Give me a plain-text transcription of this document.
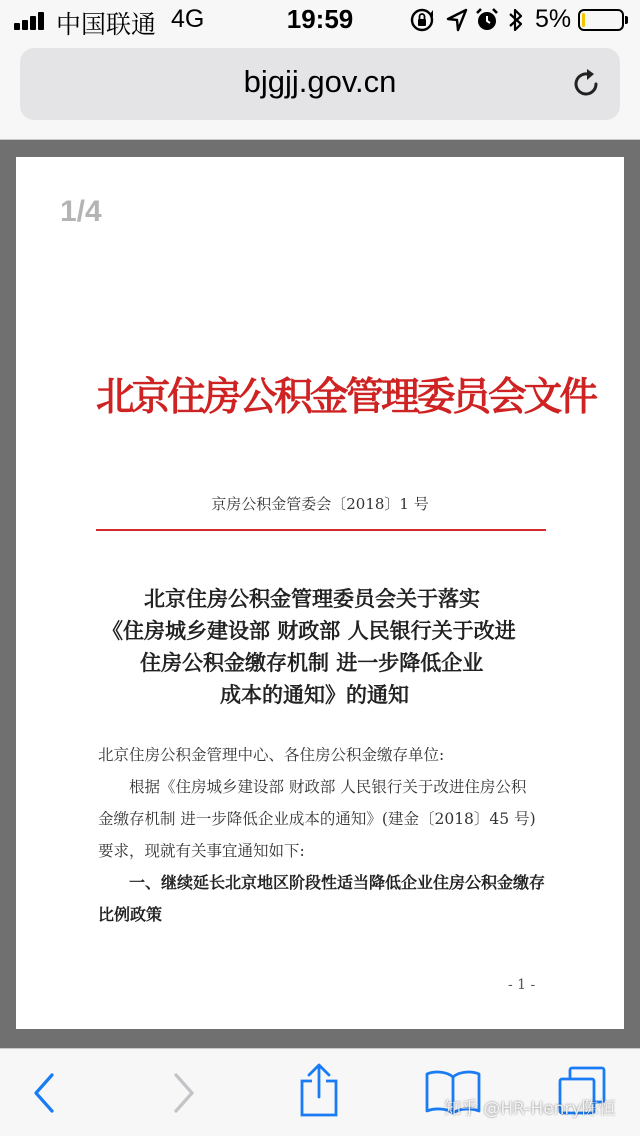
中国联通 4G	19:59	5%
bjgjj.gov.cn
1/4
北京住房公积金管理委员会文件
京房公积金管委会〔2018〕1 号
北京住房公积金管理委员会关于落实
《住房城乡建设部 财政部 人民银行关于改进
住房公积金缴存机制 进一步降低企业
成本的通知》的通知
北京住房公积金管理中心、各住房公积金缴存单位:
根据《住房城乡建设部 财政部 人民银行关于改进住房公积
金缴存机制 进一步降低企业成本的通知》(建金〔2018〕45 号)
要求，现就有关事宜通知如下:
一、继续延长北京地区阶段性适当降低企业住房公积金缴存
比例政策
- 1 -
知乎 @HR-Henry陈恒
